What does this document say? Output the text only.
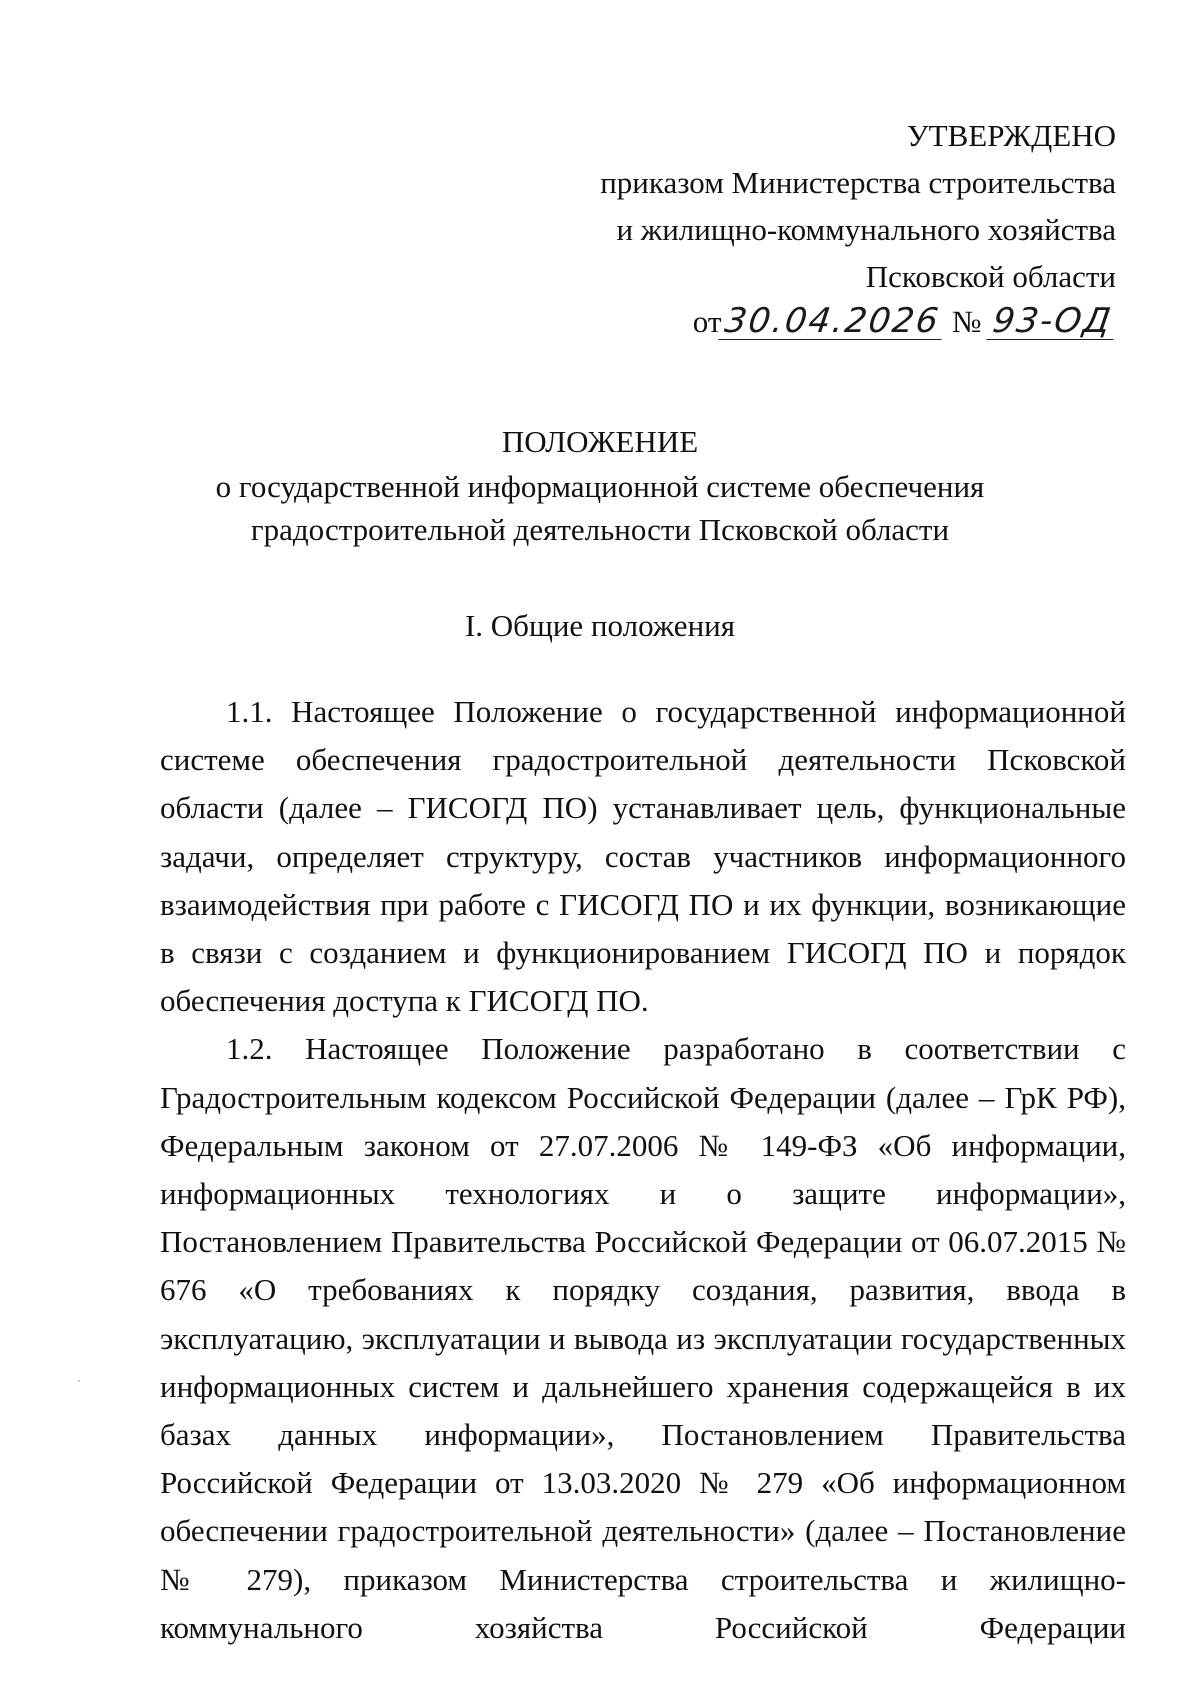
УТВЕРЖДЕНО
приказом Министерства строительства
и жилищно-коммунального хозяйства
Псковской области
от30.04.2026 № 93-ОД
ПОЛОЖЕНИЕ
о государственной информационной системе обеспечения
градостроительной деятельности Псковской области
I. Общие положения

1.1. Настоящее Положение о государственной информационной системе обеспечения градостроительной деятельности Псковской области (далее – ГИСОГД ПО) устанавливает цель, функциональные задачи, определяет структуру, состав участников информационного взаимодействия при работе с ГИСОГД ПО и их функции, возникающие в связи с созданием и функционированием ГИСОГД ПО и порядок обеспечения доступа к ГИСОГД ПО.

1.2. Настоящее Положение разработано в соответствии с Градостроительным кодексом Российской Федерации (далее – ГрК РФ), Федеральным законом от 27.07.2006 № 149-ФЗ «Об информации, информационных технологиях и о защите информации», Постановлением Правительства Российской Федерации от 06.07.2015 № 676 «О требованиях к порядку создания, развития, ввода в эксплуатацию, эксплуатации и вывода из эксплуатации государственных информационных систем и дальнейшего хранения содержащейся в их базах данных информации», Постановлением Правительства Российской Федерации от 13.03.2020 № 279 «Об информационном обеспечении градостроительной деятельности» (далее – Постановление № 279), приказом Министерства строительства и жилищно-коммунального хозяйства Российской Федерации
